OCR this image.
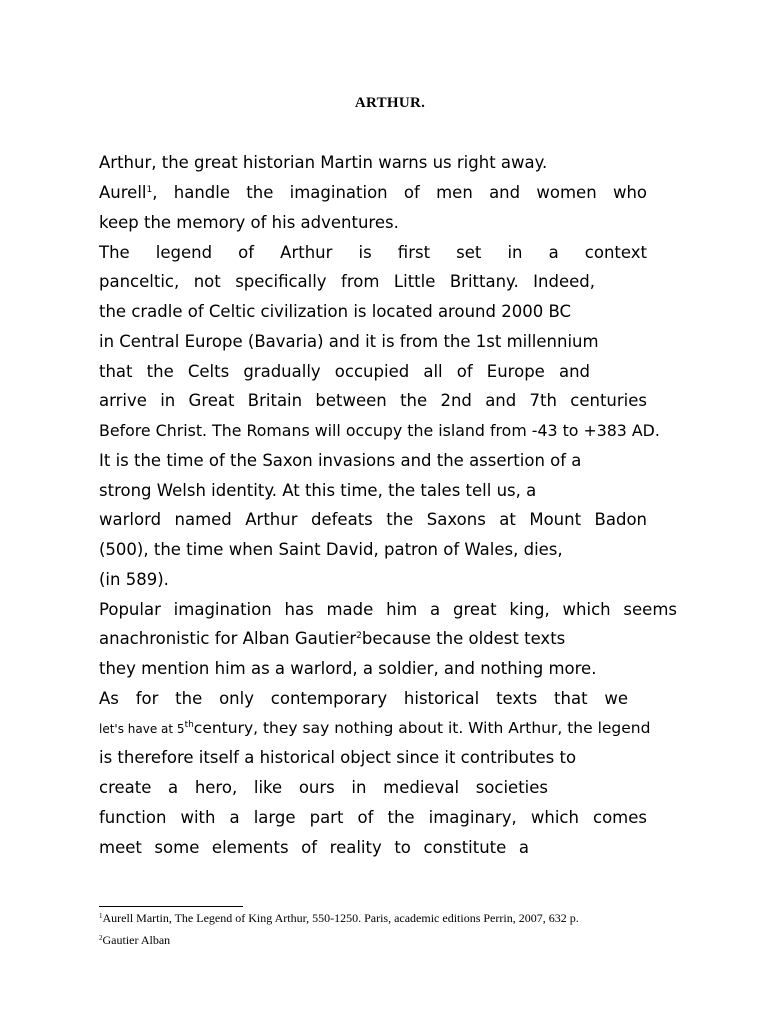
ARTHUR.
Arthur, the great historian Martin warns us right away.
Aurell$^1$, handle the imagination of men and women who
keep the memory of his adventures.
The legend of Arthur is first set in a context
panceltic, not specifically from Little Brittany. Indeed,
the cradle of Celtic civilization is located around 2000 BC
in Central Europe (Bavaria) and it is from the 1st millennium
that the Celts gradually occupied all of Europe and
arrive in Great Britain between the 2nd and 7th centuries
Before Christ. The Romans will occupy the island from -43 to +383 AD.
It is the time of the Saxon invasions and the assertion of a
strong Welsh identity. At this time, the tales tell us, a
warlord named Arthur defeats the Saxons at Mount Badon
(500), the time when Saint David, patron of Wales, dies,
(in 589).
Popular imagination has made him a great king, which seems
anachronistic for Alban Gautier$^2$because the oldest texts
they mention him as a warlord, a soldier, and nothing more.
As for the only contemporary historical texts that we
let's have at 5thcentury, they say nothing about it. With Arthur, the legend
is therefore itself a historical object since it contributes to
create a hero, like ours in medieval societies
function with a large part of the imaginary, which comes
meet some elements of reality to constitute a
$^1$Aurell Martin, The Legend of King Arthur, 550-1250. Paris, academic editions Perrin, 2007, 632 p.
$^2$Gautier Alban
